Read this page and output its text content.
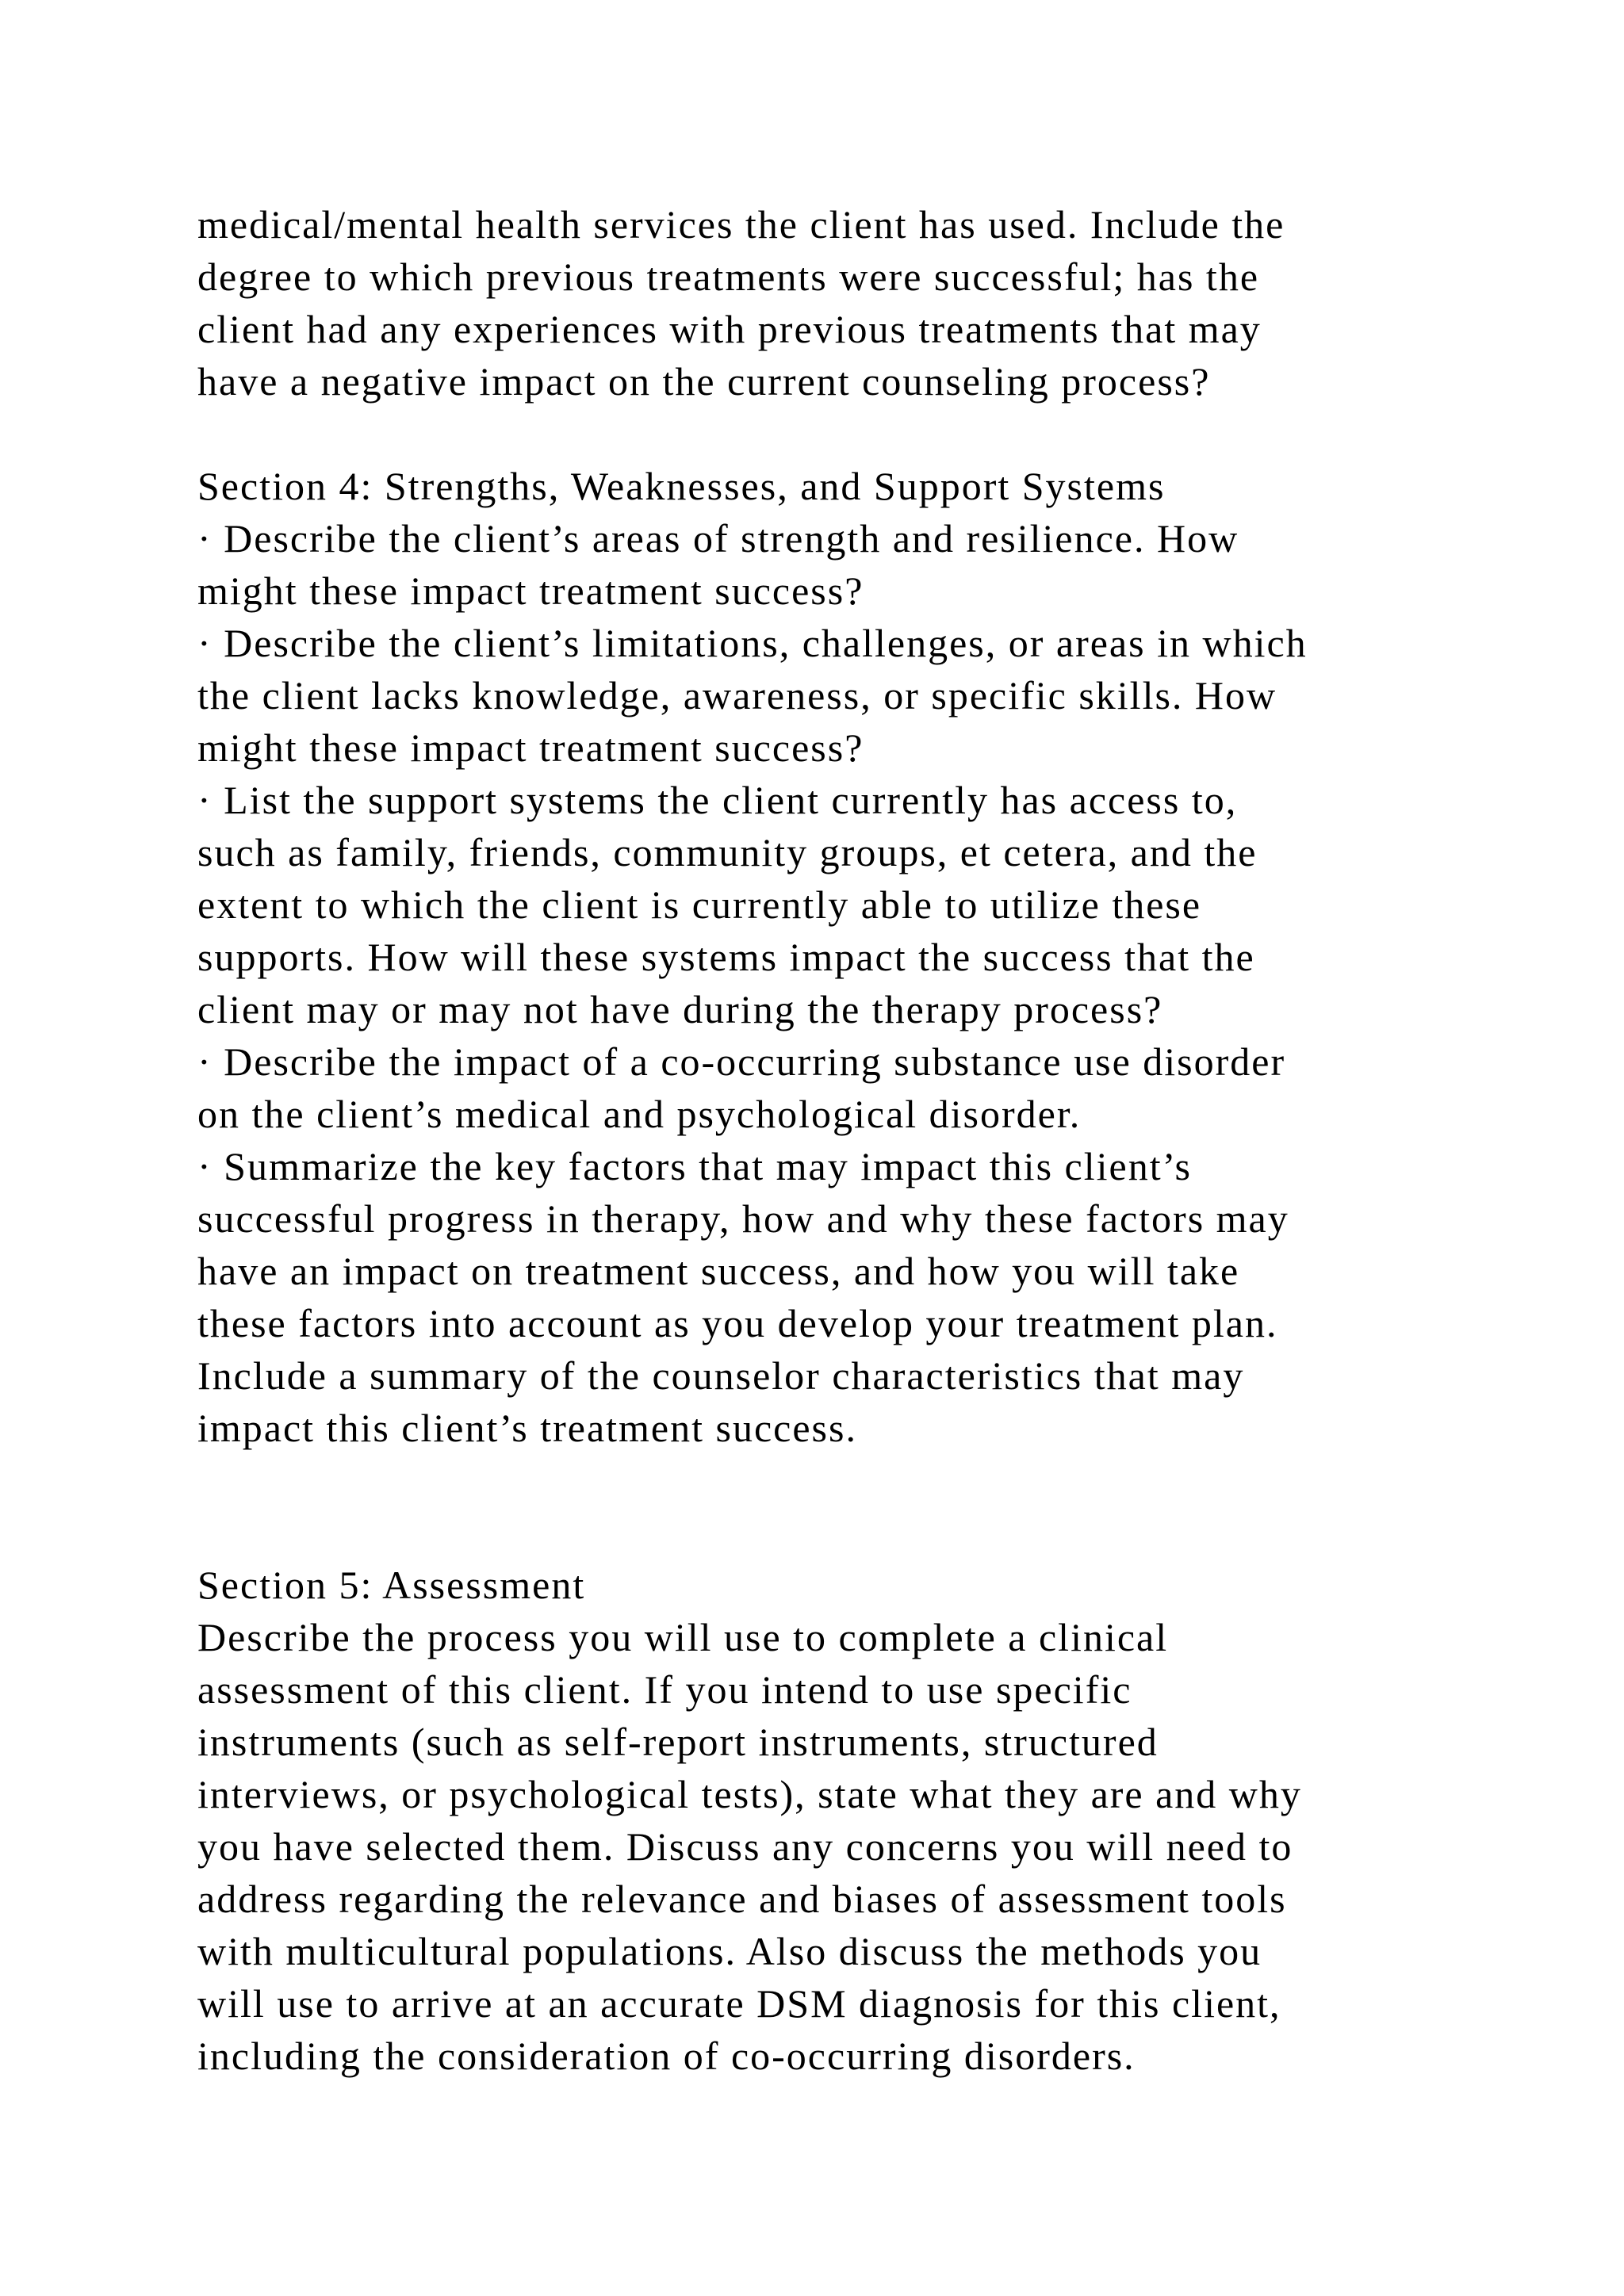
medical/mental health services the client has used. Include the
degree to which previous treatments were successful; has the
client had any experiences with previous treatments that may
have a negative impact on the current counseling process?
Section 4: Strengths, Weaknesses, and Support Systems
· Describe the client’s areas of strength and resilience. How
might these impact treatment success?
· Describe the client’s limitations, challenges, or areas in which
the client lacks knowledge, awareness, or specific skills. How
might these impact treatment success?
· List the support systems the client currently has access to,
such as family, friends, community groups, et cetera, and the
extent to which the client is currently able to utilize these
supports. How will these systems impact the success that the
client may or may not have during the therapy process?
· Describe the impact of a co-occurring substance use disorder
on the client’s medical and psychological disorder.
· Summarize the key factors that may impact this client’s
successful progress in therapy, how and why these factors may
have an impact on treatment success, and how you will take
these factors into account as you develop your treatment plan.
Include a summary of the counselor characteristics that may
impact this client’s treatment success.
Section 5: Assessment
Describe the process you will use to complete a clinical
assessment of this client. If you intend to use specific
instruments (such as self-report instruments, structured
interviews, or psychological tests), state what they are and why
you have selected them. Discuss any concerns you will need to
address regarding the relevance and biases of assessment tools
with multicultural populations. Also discuss the methods you
will use to arrive at an accurate DSM diagnosis for this client,
including the consideration of co-occurring disorders.
